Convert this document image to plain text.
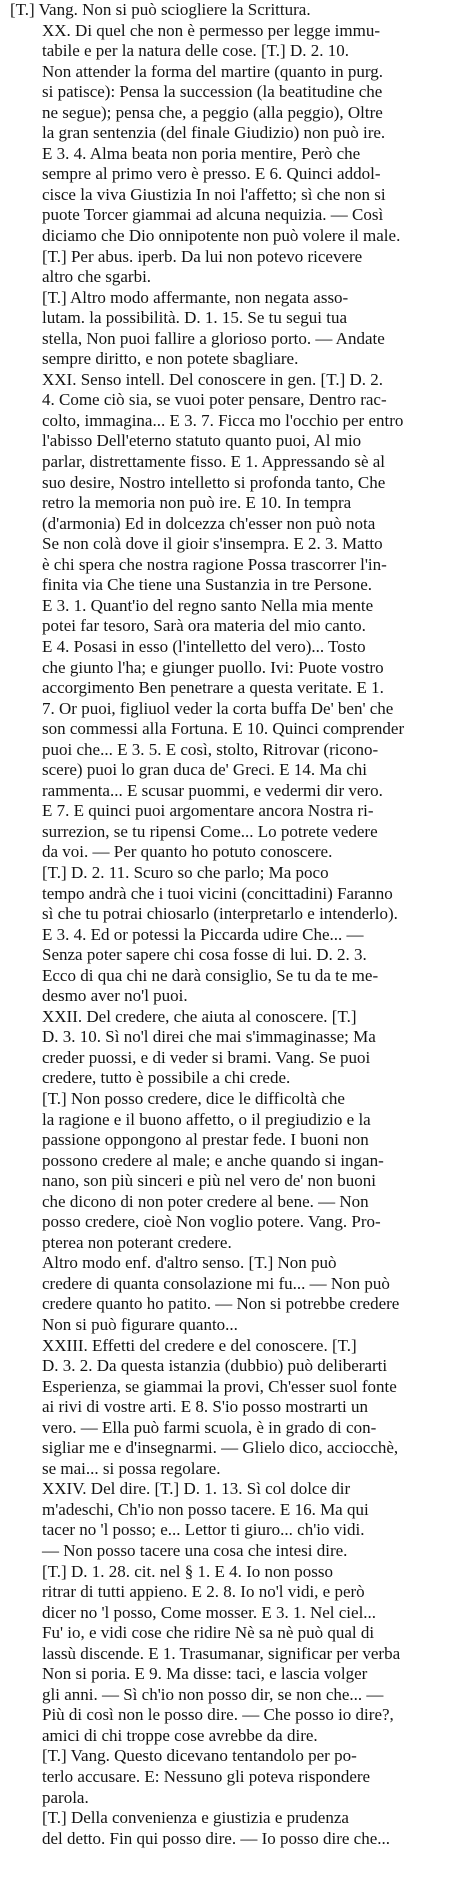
[T.] Vang. Non si può sciogliere la Scrittura.

XX. Di quel che non è permesso per legge immu-
tabile e per la natura delle cose. [T.] D. 2. 10.
Non attender la forma del martire (quanto in purg.
si patisce): Pensa la succession (la beatitudine che
ne segue); pensa che, a peggio (alla peggio), Oltre
la gran sentenzia (del finale Giudizio) non può ire.
E 3. 4. Alma beata non poria mentire, Però che
sempre al primo vero è presso. E 6. Quinci addol-
cisce la viva Giustizia In noi l'affetto; sì che non si
puote Torcer giammai ad alcuna nequizia. — Così
diciamo che Dio onnipotente non può volere il male.
[T.] Per abus. iperb. Da lui non potevo ricevere
altro che sgarbi.

[T.] Altro modo affermante, non negata asso-
lutam. la possibilità. D. 1. 15. Se tu segui tua
stella, Non puoi fallire a glorioso porto. — Andate
sempre diritto, e non potete sbagliare.

XXI. Senso intell. Del conoscere in gen. [T.] D. 2.
4. Come ciò sia, se vuoi poter pensare, Dentro rac-
colto, immagina... E 3. 7. Ficca mo l'occhio per entro
l'abisso Dell'eterno statuto quanto puoi, Al mio
parlar, distrettamente fisso. E 1. Appressando sè al
suo desire, Nostro intelletto si profonda tanto, Che
retro la memoria non può ire. E 10. In tempra
(d'armonia) Ed in dolcezza ch'esser non può nota
Se non colà dove il gioir s'insempra. E 2. 3. Matto
è chi spera che nostra ragione Possa trascorrer l'in-
finita via Che tiene una Sustanzia in tre Persone.
E 3. 1. Quant'io del regno santo Nella mia mente
potei far tesoro, Sarà ora materia del mio canto.
E 4. Posasi in esso (l'intelletto del vero)... Tosto
che giunto l'ha; e giunger puollo. Ivi: Puote vostro
accorgimento Ben penetrare a questa veritate. E 1.
7. Or puoi, figliuol veder la corta buffa De' ben' che
son commessi alla Fortuna. E 10. Quinci comprender
puoi che... E 3. 5. E così, stolto, Ritrovar (ricono-
scere) puoi lo gran duca de' Greci. E 14. Ma chi
rammenta... E scusar puommi, e vedermi dir vero.
E 7. E quinci puoi argomentare ancora Nostra ri-
surrezion, se tu ripensi Come... Lo potrete vedere
da voi. — Per quanto ho potuto conoscere.

[T.] D. 2. 11. Scuro so che parlo; Ma poco
tempo andrà che i tuoi vicini (concittadini) Faranno
sì che tu potrai chiosarlo (interpretarlo e intenderlo).
E 3. 4. Ed or potessi la Piccarda udire Che... —
Senza poter sapere chi cosa fosse di lui. D. 2. 3.
Ecco di qua chi ne darà consiglio, Se tu da te me-
desmo aver no'l puoi.

XXII. Del credere, che aiuta al conoscere. [T.]
D. 3. 10. Sì no'l direi che mai s'immaginasse; Ma
creder puossi, e di veder si brami. Vang. Se puoi
credere, tutto è possibile a chi crede.

[T.] Non posso credere, dice le difficoltà che
la ragione e il buono affetto, o il pregiudizio e la
passione oppongono al prestar fede. I buoni non
possono credere al male; e anche quando si ingan-
nano, son più sinceri e più nel vero de' non buoni
che dicono di non poter credere al bene. — Non
posso credere, cioè Non voglio potere. Vang. Pro-
pterea non poterant credere.

Altro modo enf. d'altro senso. [T.] Non può
credere di quanta consolazione mi fu... — Non può
credere quanto ho patito. — Non si potrebbe credere
Non si può figurare quanto...

XXIII. Effetti del credere e del conoscere. [T.]
D. 3. 2. Da questa istanzia (dubbio) può deliberarti
Esperienza, se giammai la provi, Ch'esser suol fonte
ai rivi di vostre arti. E 8. S'io posso mostrarti un
vero. — Ella può farmi scuola, è in grado di con-
sigliar me e d'insegnarmi. — Glielo dico, acciocchè,
se mai... si possa regolare.

XXIV. Del dire. [T.] D. 1. 13. Sì col dolce dir
m'adeschi, Ch'io non posso tacere. E 16. Ma qui
tacer no 'l posso; e... Lettor ti giuro... ch'io vidi.
— Non posso tacere una cosa che intesi dire.

[T.] D. 1. 28. cit. nel § 1. E 4. Io non posso
ritrar di tutti appieno. E 2. 8. Io no'l vidi, e però
dicer no 'l posso, Come mosser. E 3. 1. Nel ciel...
Fu' io, e vidi cose che ridire Nè sa nè può qual di
lassù discende. E 1. Trasumanar, significar per verba
Non si poria. E 9. Ma disse: taci, e lascia volger
gli anni. — Sì ch'io non posso dir, se non che... —
Più di così non le posso dire. — Che posso io dire?,
amici di chi troppe cose avrebbe da dire.

[T.] Vang. Questo dicevano tentandolo per po-
terlo accusare. E: Nessuno gli poteva rispondere
parola.

[T.] Della convenienza e giustizia e prudenza
del detto. Fin qui posso dire. — Io posso dire che...
